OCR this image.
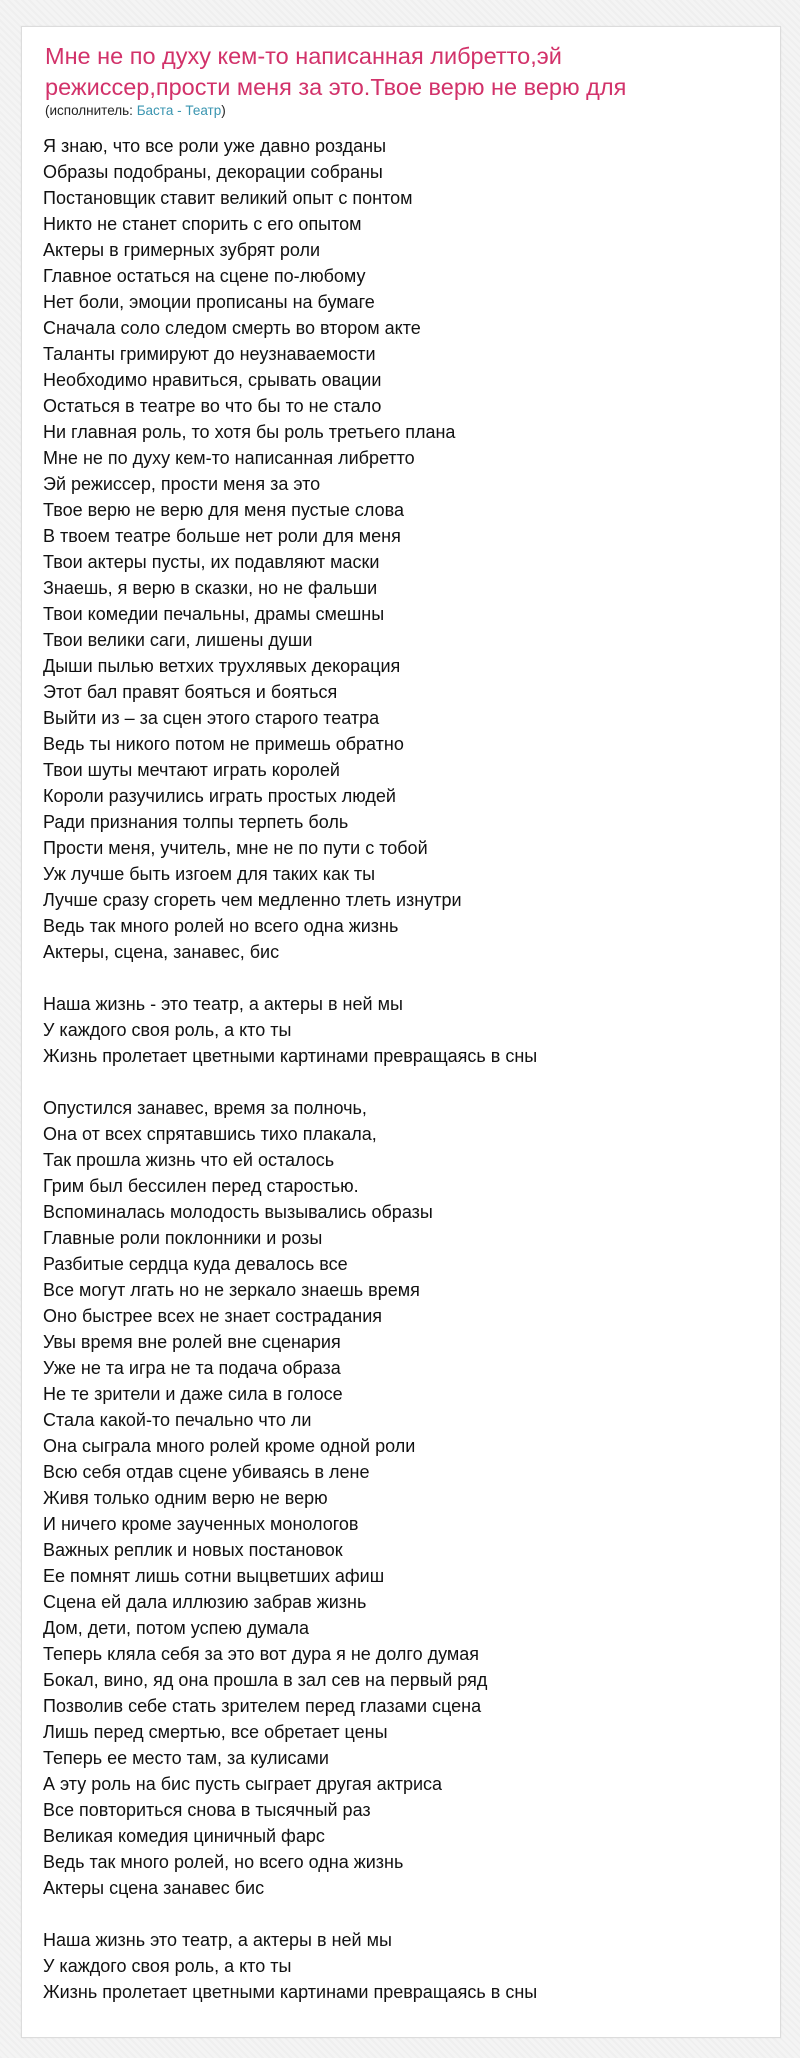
Мне не по духу кем-то написанная либретто,эй
режиссер,прости меня за это.Твое верю не верю для
(исполнитель: Баста - Театр)
Я знаю, что все роли уже давно розданы
Образы подобраны, декорации собраны
Постановщик ставит великий опыт с понтом
Никто не станет спорить с его опытом
Актеры в гримерных зубрят роли
Главное остаться на сцене по-любому
Нет боли, эмоции прописаны на бумаге
Сначала соло следом смерть во втором акте
Таланты гримируют до неузнаваемости
Необходимо нравиться, срывать овации
Остаться в театре во что бы то не стало
Ни главная роль, то хотя бы роль третьего плана
Мне не по духу кем-то написанная либретто
Эй режиссер, прости меня за это
Твое верю не верю для меня пустые слова
В твоем театре больше нет роли для меня
Твои актеры пусты, их подавляют маски
Знаешь, я верю в сказки, но не фальши
Твои комедии печальны, драмы смешны
Твои велики саги, лишены души
Дыши пылью ветхих трухлявых декорация
Этот бал правят бояться и бояться
Выйти из – за сцен этого старого театра
Ведь ты никого потом не примешь обратно
Твои шуты мечтают играть королей
Короли разучились играть простых людей
Ради признания толпы терпеть боль
Прости меня, учитель, мне не по пути с тобой
Уж лучше быть изгоем для таких как ты
Лучше сразу сгореть чем медленно тлеть изнутри
Ведь так много ролей но всего одна жизнь
Актеры, сцена, занавес, бис
Наша жизнь - это театр, а актеры в ней мы
У каждого своя роль, а кто ты
Жизнь пролетает цветными картинами превращаясь в сны
Опустился занавес, время за полночь,
Она от всех спрятавшись тихо плакала,
Так прошла жизнь что ей осталось
Грим был бессилен перед старостью.
Вспоминалась молодость вызывались образы
Главные роли поклонники и розы
Разбитые сердца куда девалось все
Все могут лгать но не зеркало знаешь время
Оно быстрее всех не знает сострадания
Увы время вне ролей вне сценария
Уже не та игра не та подача образа
Не те зрители и даже сила в голосе
Стала какой-то печально что ли
Она сыграла много ролей кроме одной роли
Всю себя отдав сцене убиваясь в лене
Живя только одним верю не верю
И ничего кроме заученных монологов
Важных реплик и новых постановок
Ее помнят лишь сотни выцветших афиш
Сцена ей дала иллюзию забрав жизнь
Дом, дети, потом успею думала
Теперь кляла себя за это вот дура я не долго думая
Бокал, вино, яд она прошла в зал сев на первый ряд
Позволив себе стать зрителем перед глазами сцена
Лишь перед смертью, все обретает цены
Теперь ее место там, за кулисами
А эту роль на бис пусть сыграет другая актриса
Все повториться снова в тысячный раз
Великая комедия циничный фарс
Ведь так много ролей, но всего одна жизнь
Актеры сцена занавес бис
Наша жизнь это театр, а актеры в ней мы
У каждого своя роль, а кто ты
Жизнь пролетает цветными картинами превращаясь в сны
